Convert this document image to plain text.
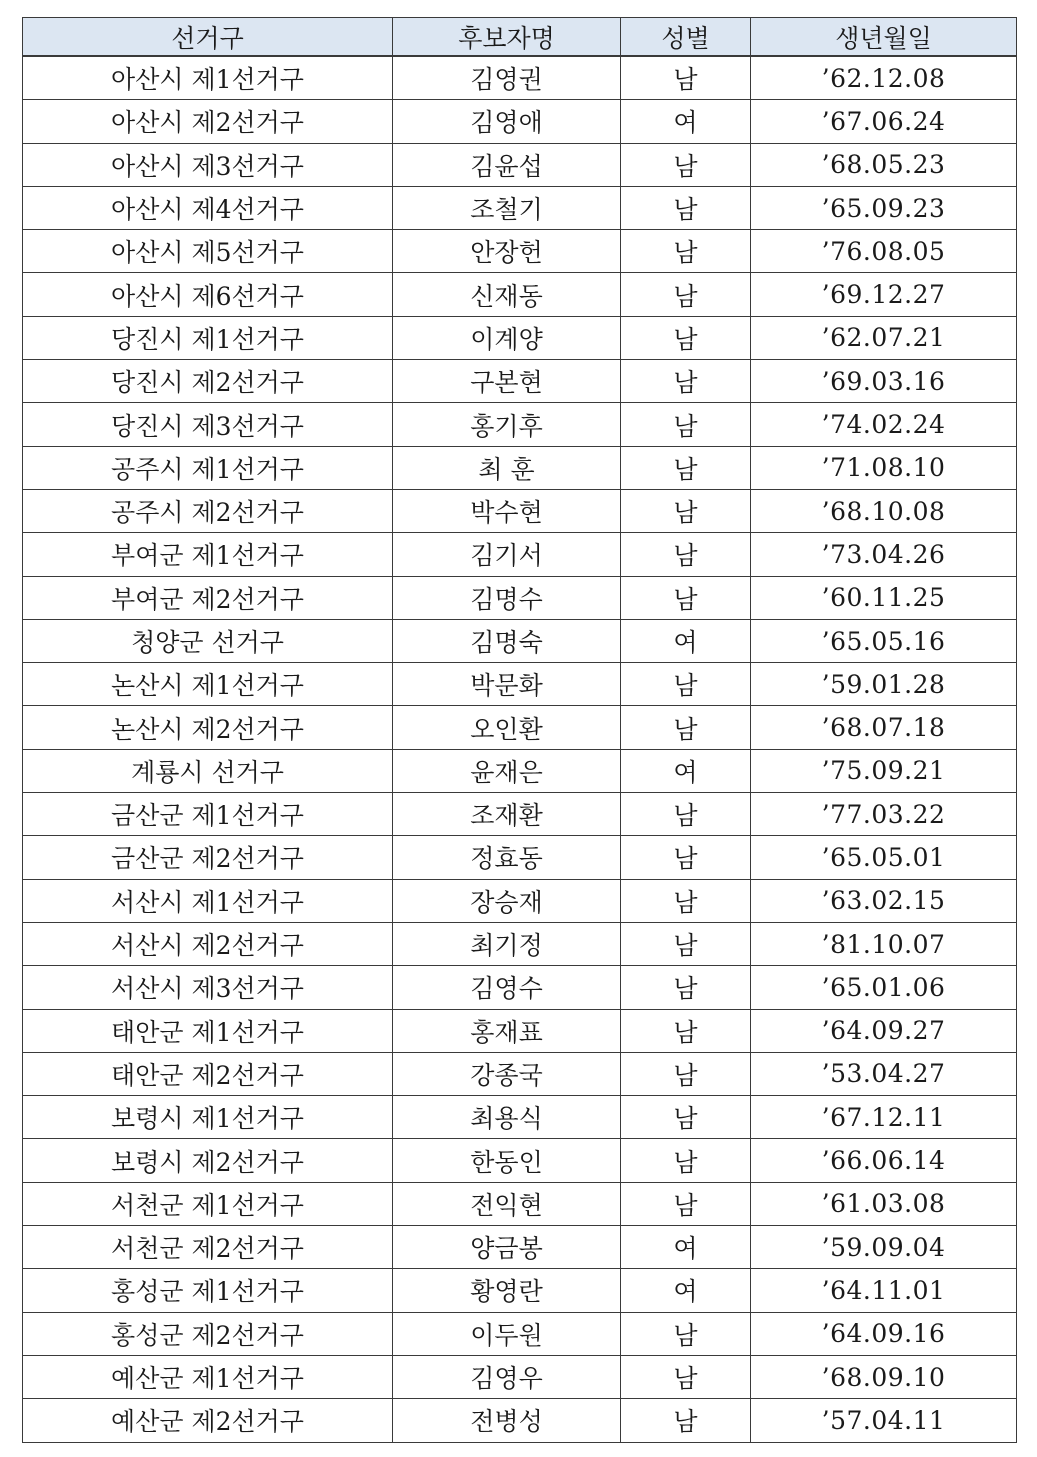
선거구	후보자명	성별	생년월일
아산시 제1선거구	김영권	남	’ 62.12.08
아산시 제2선거구	김영애	여	’ 67.06.24
아산시 제3선거구	김윤섭	남	’ 68.05.23
아산시 제4선거구	조철기	남	’ 65.09.23
아산시 제5선거구	안장헌	남	’ 76.08.05
아산시 제6선거구	신재동	남	’ 69.12.27
당진시 제1선거구	이계양	남	’ 62.07.21
당진시 제2선거구	구본현	남	’ 69.03.16
당진시 제3선거구	홍기후	남	’ 74.02.24
공주시 제1선거구	최 훈	남	’ 71.08.10
공주시 제2선거구	박수현	남	’ 68.10.08
부여군 제1선거구	김기서	남	’ 73.04.26
부여군 제2선거구	김명수	남	’ 60.11.25
청양군 선거구	김명숙	여	’ 65.05.16
논산시 제1선거구	박문화	남	’ 59.01.28
논산시 제2선거구	오인환	남	’ 68.07.18
계룡시 선거구	윤재은	여	’ 75.09.21
금산군 제1선거구	조재환	남	’ 77.03.22
금산군 제2선거구	정효동	남	’ 65.05.01
서산시 제1선거구	장승재	남	’ 63.02.15
서산시 제2선거구	최기정	남	’ 81.10.07
서산시 제3선거구	김영수	남	’ 65.01.06
태안군 제1선거구	홍재표	남	’ 64.09.27
태안군 제2선거구	강종국	남	’ 53.04.27
보령시 제1선거구	최용식	남	’ 67.12.11
보령시 제2선거구	한동인	남	’ 66.06.14
서천군 제1선거구	전익현	남	’ 61.03.08
서천군 제2선거구	양금봉	여	’ 59.09.04
홍성군 제1선거구	황영란	여	’ 64.11.01
홍성군 제2선거구	이두원	남	’ 64.09.16
예산군 제1선거구	김영우	남	’ 68.09.10
예산군 제2선거구	전병성	남	’ 57.04.11
